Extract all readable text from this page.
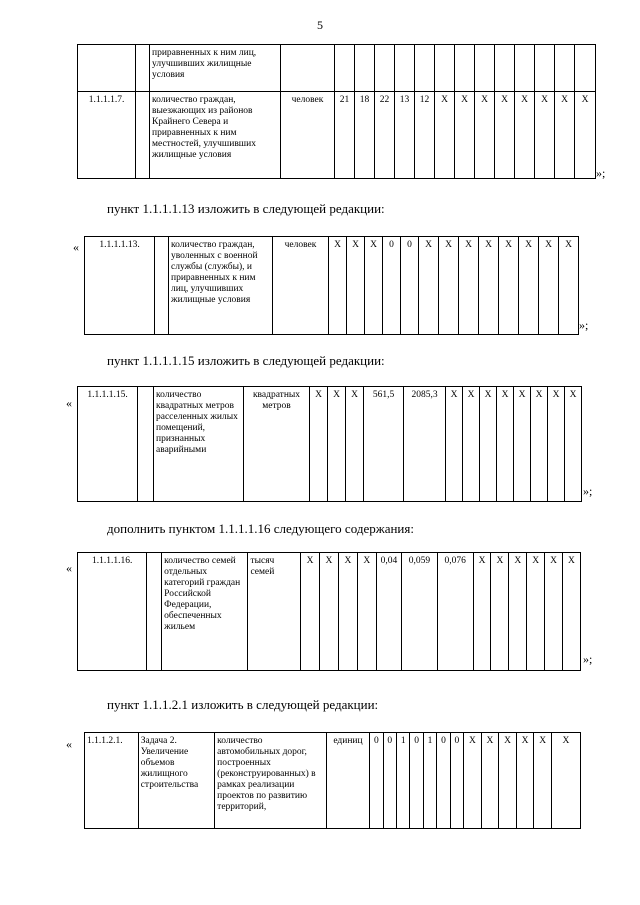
5
		приравненных к ним лиц, улучшивших жилищные условия														
1.1.1.1.7.		количество граждан, выезжающих из районов Крайнего Севера и приравненных к ним местностей, улучшивших жилищные условия	человек	21	18	22	13	12	Х	Х	Х	Х	Х	Х	Х	Х
»;
пункт 1.1.1.1.13 изложить в следующей редакции:
« 1.1.1.1.13.		количество граждан, уволенных с военной службы (службы), и приравненных к ним лиц, улучшивших жилищные условия	человек	Х	Х	Х	0	0	Х	Х	Х	Х	Х	Х	Х	Х
»;
пункт 1.1.1.1.15 изложить в следующей редакции:
«
1.1.1.1.15.		количество квадратных метров расселенных жилых помещений, признанных аварийными	квадратных метров	Х	Х	Х	561,5	2085,3	Х	Х	Х	Х	Х	Х	Х	Х
»;
дополнить пунктом 1.1.1.1.16 следующего содержания:
« 1.1.1.1.16.		количество семей отдельных категорий граждан Российской Федерации, обеспеченных жильем	тысяч семей	Х	Х	Х	Х	0,04	0,059	0,076	Х	Х	Х	Х	Х	Х
»;
пункт 1.1.1.2.1 изложить в следующей редакции:
« 1.1.1.2.1.	Задача 2. Увеличение объемов жилищного строительства	количество автомобильных дорог, построенных (реконструированных) в рамках реализации проектов по развитию территорий,	единиц	0	0	1	0	1	0	0	Х	Х	Х	Х	Х	Х
